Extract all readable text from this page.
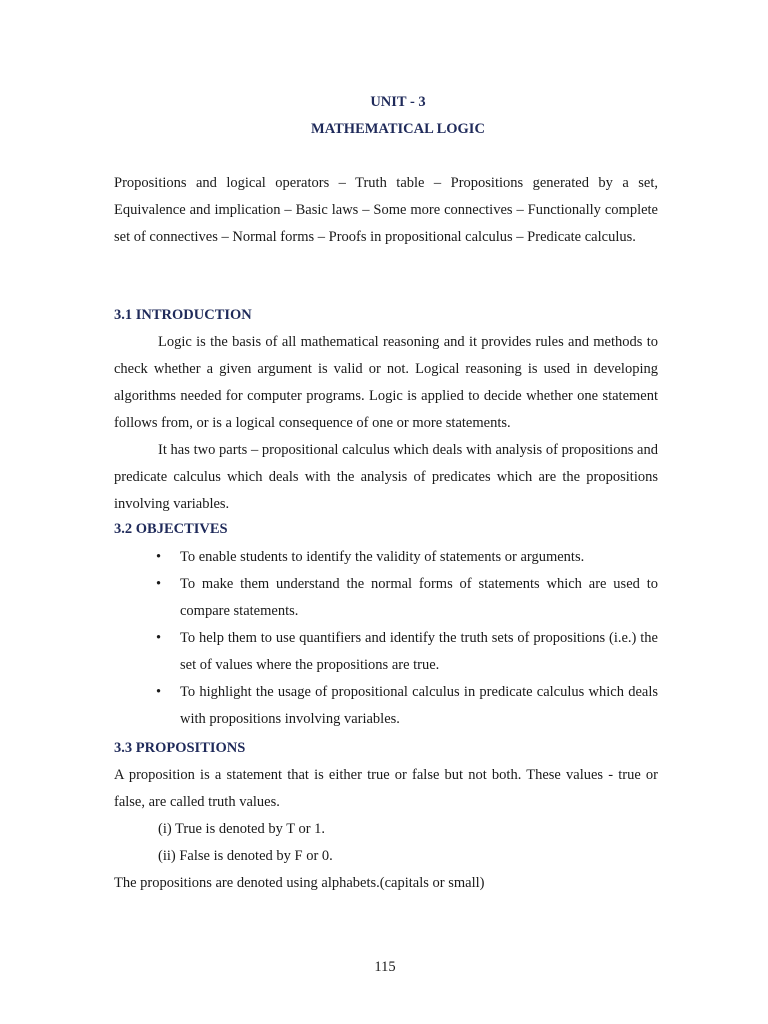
UNIT - 3
MATHEMATICAL LOGIC
Propositions and logical operators – Truth table – Propositions generated by a set, Equivalence and implication – Basic laws – Some more connectives – Functionally complete set of connectives – Normal forms – Proofs in propositional calculus – Predicate calculus.
3.1 INTRODUCTION
Logic is the basis of all mathematical reasoning and it provides rules and methods to check whether a given argument is valid or not. Logical reasoning is used in developing algorithms needed for computer programs. Logic is applied to decide whether one statement follows from, or is a logical consequence of one or more statements.
It has two parts – propositional calculus which deals with analysis of propositions and predicate calculus which deals with the analysis of predicates which are the propositions involving variables.
3.2 OBJECTIVES
• To enable students to identify the validity of statements or arguments.
• To make them understand the normal forms of statements which are used to compare statements.
• To help them to use quantifiers and identify the truth sets of propositions (i.e.) the set of values where the propositions are true.
• To highlight the usage of propositional calculus in predicate calculus which deals with propositions involving variables.
3.3 PROPOSITIONS
A proposition is a statement that is either true or false but not both. These values - true or false, are called truth values.
(i) True is denoted by T or 1.
(ii) False is denoted by F or 0.
The propositions are denoted using alphabets.(capitals or small)
115
